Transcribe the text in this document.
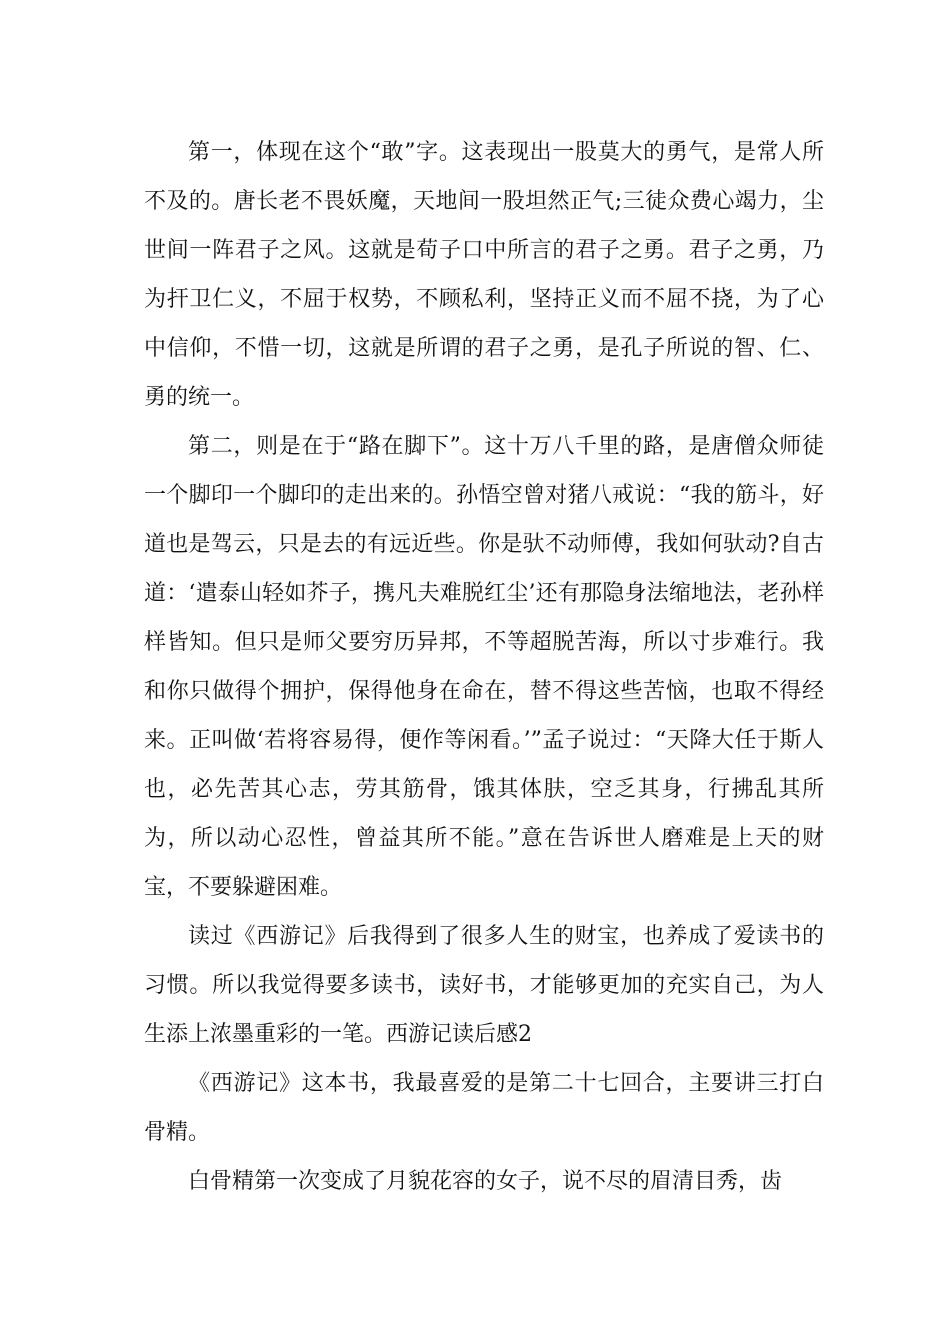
第一，体现在这个“敢”字。这表现出一股莫大的勇气，是常人所不及的。唐长老不畏妖魔，天地间一股坦然正气;三徒众费心竭力，尘世间一阵君子之风。这就是荀子口中所言的君子之勇。君子之勇，乃为扞卫仁义，不屈于权势，不顾私利，坚持正义而不屈不挠，为了心中信仰，不惜一切，这就是所谓的君子之勇，是孔子所说的智、仁、勇的统一。

第二，则是在于“路在脚下”。这十万八千里的路，是唐僧众师徒一个脚印一个脚印的走出来的。孙悟空曾对猪八戒说：“我的筋斗，好道也是驾云，只是去的有远近些。你是驮不动师傅，我如何驮动?自古道：‘遣泰山轻如芥子，携凡夫难脱红尘’还有那隐身法缩地法，老孙样样皆知。但只是师父要穷历异邦，不等超脱苦海，所以寸步难行。我和你只做得个拥护，保得他身在命在，替不得这些苦恼，也取不得经来。正叫做‘若将容易得，便作等闲看。’”孟子说过：“天降大任于斯人也，必先苦其心志，劳其筋骨，饿其体肤，空乏其身，行拂乱其所为，所以动心忍性，曾益其所不能。”意在告诉世人磨难是上天的财宝，不要躲避困难。

读过《西游记》后我得到了很多人生的财宝，也养成了爱读书的习惯。所以我觉得要多读书，读好书，才能够更加的充实自己，为人生添上浓墨重彩的一笔。西游记读后感2

《西游记》这本书，我最喜爱的是第二十七回合，主要讲三打白骨精。

白骨精第一次变成了月貌花容的女子，说不尽的眉清目秀，齿
